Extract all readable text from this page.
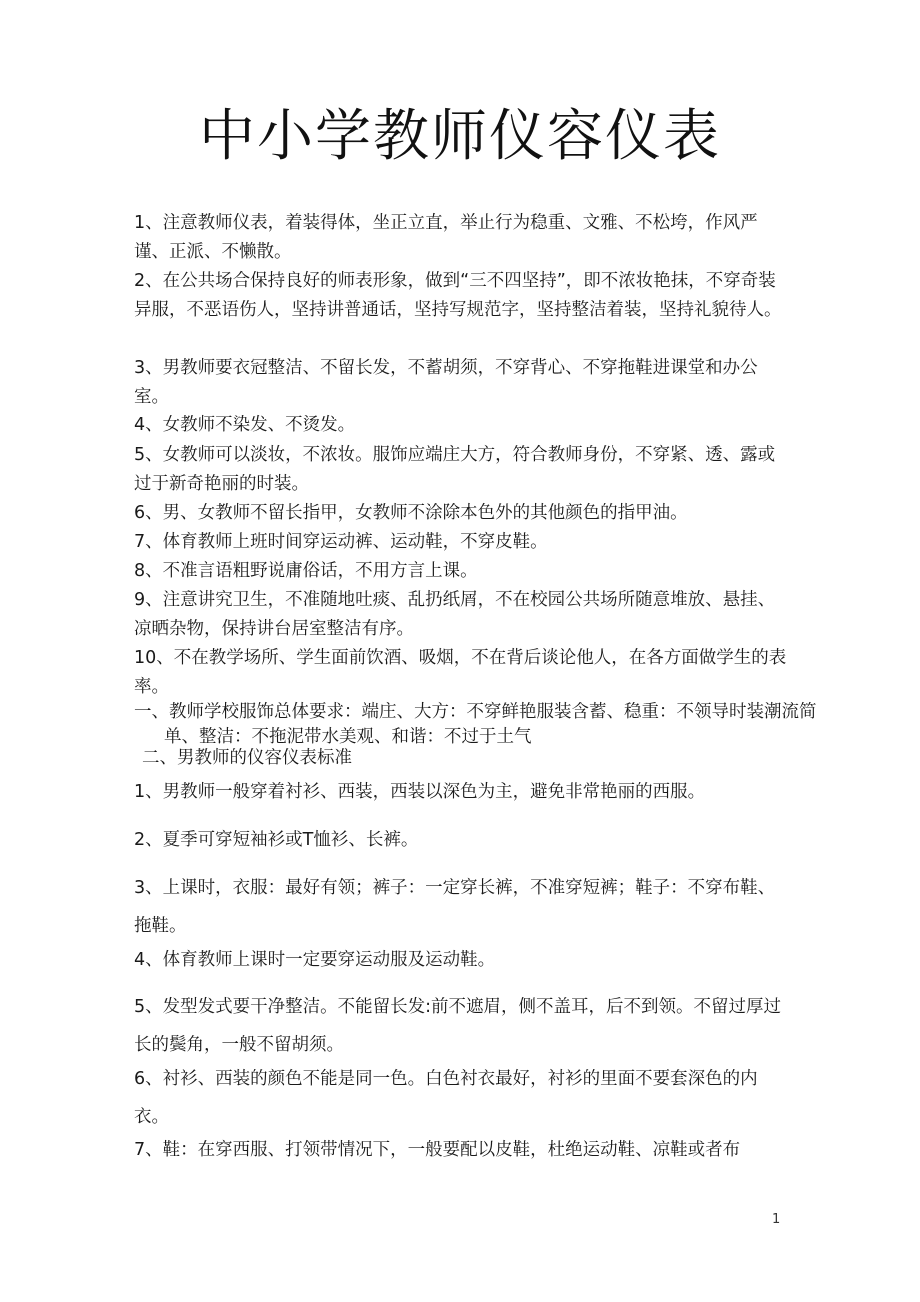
中小学教师仪容仪表

1、注意教师仪表，着装得体，坐正立直，举止行为稳重、文雅、不松垮，作风严谨、正派、不懒散。

2、在公共场合保持良好的师表形象，做到“三不四坚持”，即不浓妆艳抹，不穿奇装异服，不恶语伤人，坚持讲普通话，坚持写规范字，坚持整洁着装，坚持礼貌待人。

3、男教师要衣冠整洁、不留长发，不蓄胡须，不穿背心、不穿拖鞋进课堂和办公室。

4、女教师不染发、不烫发。

5、女教师可以淡妆，不浓妆。服饰应端庄大方，符合教师身份，不穿紧、透、露或过于新奇艳丽的时装。

6、男、女教师不留长指甲，女教师不涂除本色外的其他颜色的指甲油。

7、体育教师上班时间穿运动裤、运动鞋，不穿皮鞋。

8、不准言语粗野说庸俗话，不用方言上课。

9、注意讲究卫生，不准随地吐痰、乱扔纸屑，不在校园公共场所随意堆放、悬挂、凉晒杂物，保持讲台居室整洁有序。

10、不在教学场所、学生面前饮酒、吸烟，不在背后谈论他人，在各方面做学生的表率。

一、教师学校服饰总体要求：端庄、大方：不穿鲜艳服装含蓄、稳重：不领导时装潮流简单、整洁：不拖泥带水美观、和谐：不过于土气

二、男教师的仪容仪表标准

1、男教师一般穿着衬衫、西装，西装以深色为主，避免非常艳丽的西服。

2、夏季可穿短袖衫或T恤衫、长裤。

3、上课时，衣服：最好有领；裤子：一定穿长裤，不准穿短裤；鞋子：不穿布鞋、拖鞋。

4、体育教师上课时一定要穿运动服及运动鞋。

5、发型发式要干净整洁。不能留长发:前不遮眉，侧不盖耳，后不到领。不留过厚过长的鬓角，一般不留胡须。

6、衬衫、西装的颜色不能是同一色。白色衬衣最好，衬衫的里面不要套深色的内衣。

7、鞋：在穿西服、打领带情况下，一般要配以皮鞋，杜绝运动鞋、凉鞋或者布

1
